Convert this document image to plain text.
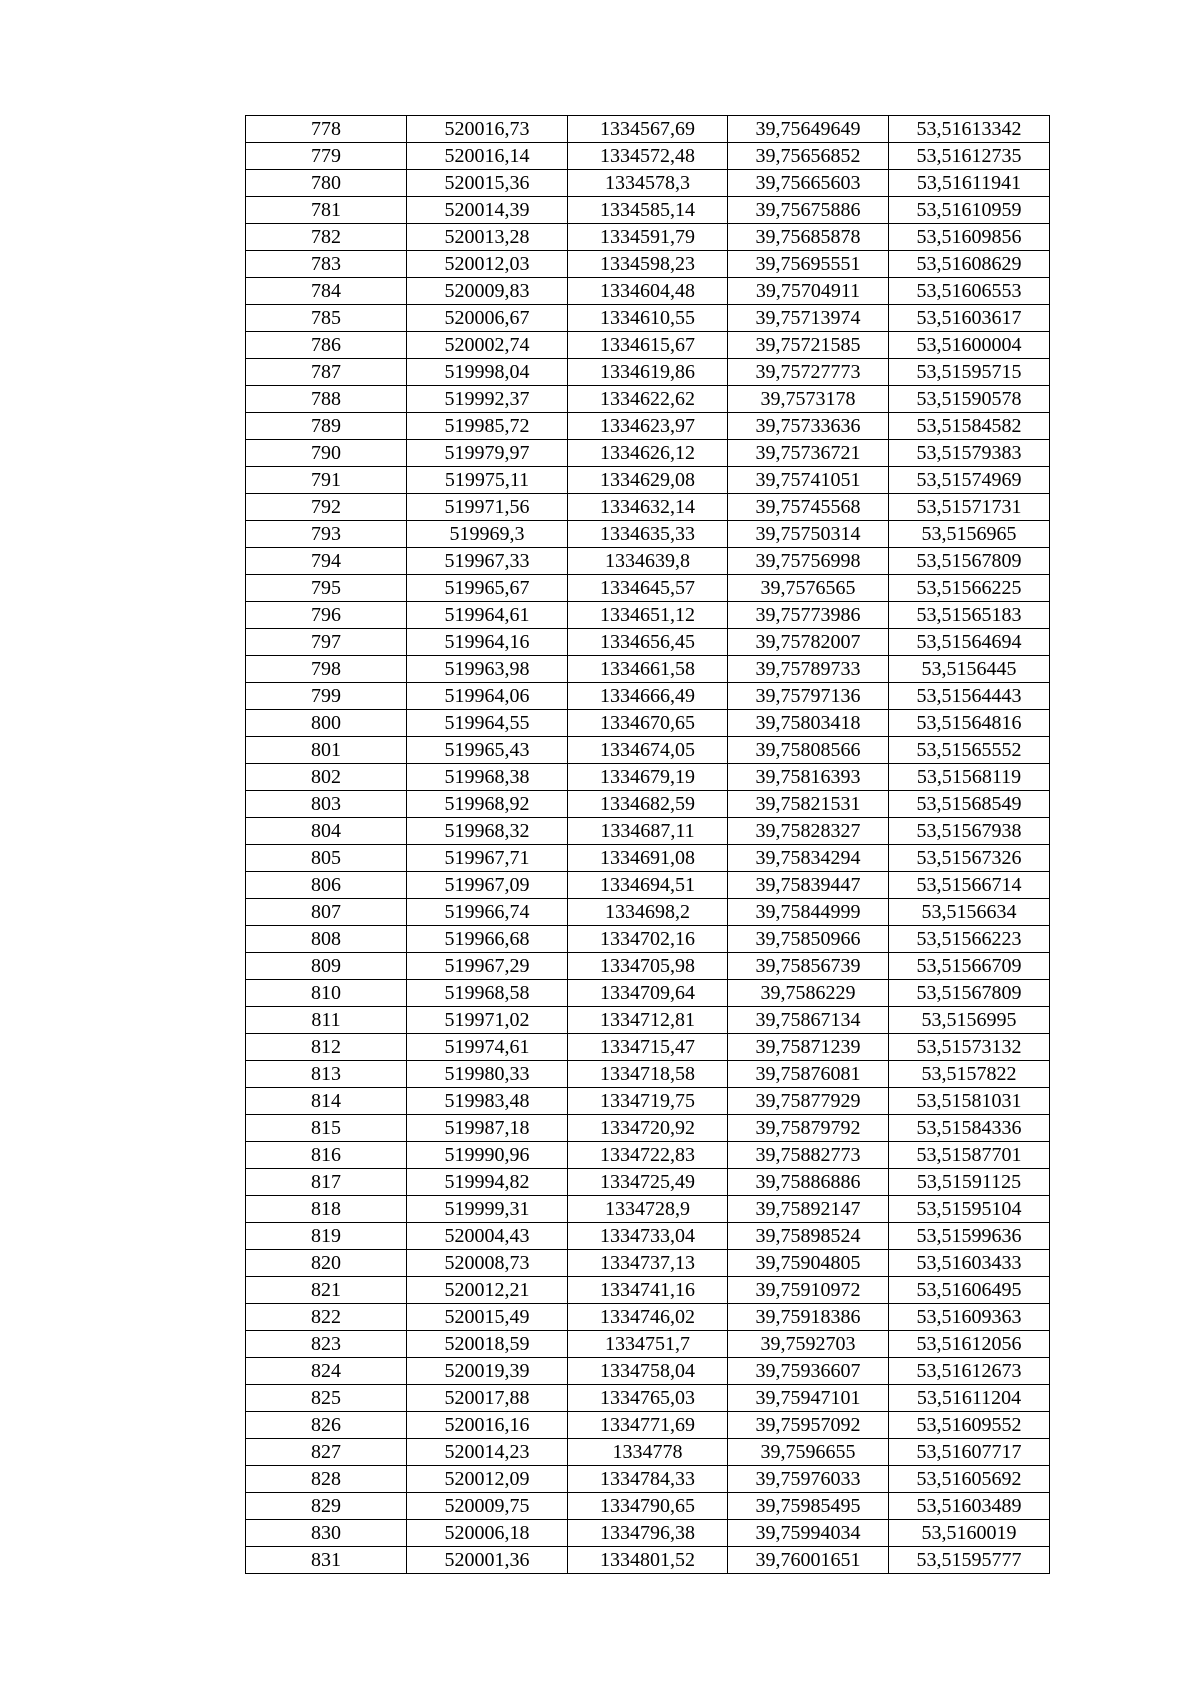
778	520016,73	1334567,69	39,75649649	53,51613342
779	520016,14	1334572,48	39,75656852	53,51612735
780	520015,36	1334578,3	39,75665603	53,51611941
781	520014,39	1334585,14	39,75675886	53,51610959
782	520013,28	1334591,79	39,75685878	53,51609856
783	520012,03	1334598,23	39,75695551	53,51608629
784	520009,83	1334604,48	39,75704911	53,51606553
785	520006,67	1334610,55	39,75713974	53,51603617
786	520002,74	1334615,67	39,75721585	53,51600004
787	519998,04	1334619,86	39,75727773	53,51595715
788	519992,37	1334622,62	39,7573178	53,51590578
789	519985,72	1334623,97	39,75733636	53,51584582
790	519979,97	1334626,12	39,75736721	53,51579383
791	519975,11	1334629,08	39,75741051	53,51574969
792	519971,56	1334632,14	39,75745568	53,51571731
793	519969,3	1334635,33	39,75750314	53,5156965
794	519967,33	1334639,8	39,75756998	53,51567809
795	519965,67	1334645,57	39,7576565	53,51566225
796	519964,61	1334651,12	39,75773986	53,51565183
797	519964,16	1334656,45	39,75782007	53,51564694
798	519963,98	1334661,58	39,75789733	53,5156445
799	519964,06	1334666,49	39,75797136	53,51564443
800	519964,55	1334670,65	39,75803418	53,51564816
801	519965,43	1334674,05	39,75808566	53,51565552
802	519968,38	1334679,19	39,75816393	53,51568119
803	519968,92	1334682,59	39,75821531	53,51568549
804	519968,32	1334687,11	39,75828327	53,51567938
805	519967,71	1334691,08	39,75834294	53,51567326
806	519967,09	1334694,51	39,75839447	53,51566714
807	519966,74	1334698,2	39,75844999	53,5156634
808	519966,68	1334702,16	39,75850966	53,51566223
809	519967,29	1334705,98	39,75856739	53,51566709
810	519968,58	1334709,64	39,7586229	53,51567809
811	519971,02	1334712,81	39,75867134	53,5156995
812	519974,61	1334715,47	39,75871239	53,51573132
813	519980,33	1334718,58	39,75876081	53,5157822
814	519983,48	1334719,75	39,75877929	53,51581031
815	519987,18	1334720,92	39,75879792	53,51584336
816	519990,96	1334722,83	39,75882773	53,51587701
817	519994,82	1334725,49	39,75886886	53,51591125
818	519999,31	1334728,9	39,75892147	53,51595104
819	520004,43	1334733,04	39,75898524	53,51599636
820	520008,73	1334737,13	39,75904805	53,51603433
821	520012,21	1334741,16	39,75910972	53,51606495
822	520015,49	1334746,02	39,75918386	53,51609363
823	520018,59	1334751,7	39,7592703	53,51612056
824	520019,39	1334758,04	39,75936607	53,51612673
825	520017,88	1334765,03	39,75947101	53,51611204
826	520016,16	1334771,69	39,75957092	53,51609552
827	520014,23	1334778	39,7596655	53,51607717
828	520012,09	1334784,33	39,75976033	53,51605692
829	520009,75	1334790,65	39,75985495	53,51603489
830	520006,18	1334796,38	39,75994034	53,5160019
831	520001,36	1334801,52	39,76001651	53,51595777
